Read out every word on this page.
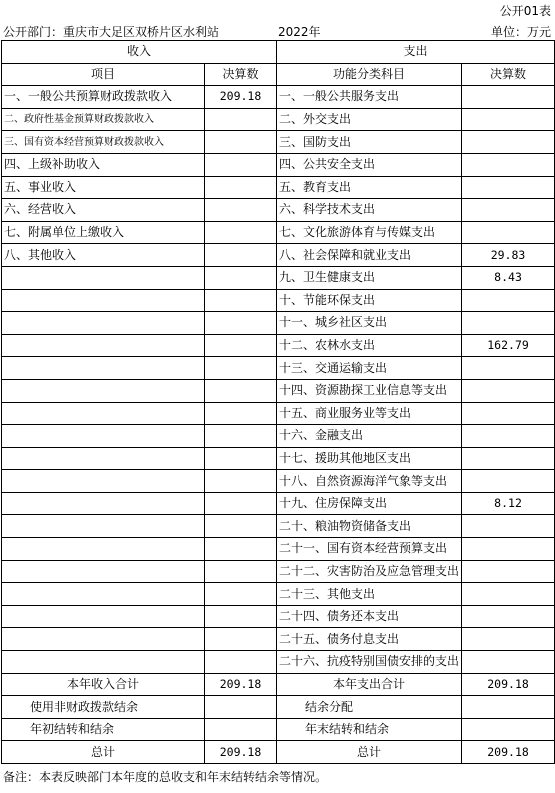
公开01表
公开部门：重庆市大足区双桥片区水利站	2022年	单位：万元
收入		支出	
项目	决算数	功能分类科目	决算数
一、一般公共预算财政拨款收入	209.18	一、一般公共服务支出	
二、政府性基金预算财政拨款收入		二、外交支出	
三、国有资本经营预算财政拨款收入		三、国防支出	
四、上级补助收入		四、公共安全支出	
五、事业收入		五、教育支出	
六、经营收入		六、科学技术支出	
七、附属单位上缴收入		七、文化旅游体育与传媒支出	
八、其他收入		八、社会保障和就业支出	29.83
		九、卫生健康支出	8.43
		十、节能环保支出	
		十一、城乡社区支出	
		十二、农林水支出	162.79
		十三、交通运输支出	
		十四、资源勘探工业信息等支出	
		十五、商业服务业等支出	
		十六、金融支出	
		十七、援助其他地区支出	
		十八、自然资源海洋气象等支出	
		十九、住房保障支出	8.12
		二十、粮油物资储备支出	
		二十一、国有资本经营预算支出	
		二十二、灾害防治及应急管理支出	
		二十三、其他支出	
		二十四、债务还本支出	
		二十五、债务付息支出	
		二十六、抗疫特别国债安排的支出	
本年收入合计	209.18	本年支出合计	209.18
使用非财政拨款结余		结余分配	
年初结转和结余		年末结转和结余	
总计	209.18	总计	209.18
备注：本表反映部门本年度的总收支和年末结转结余等情况。
